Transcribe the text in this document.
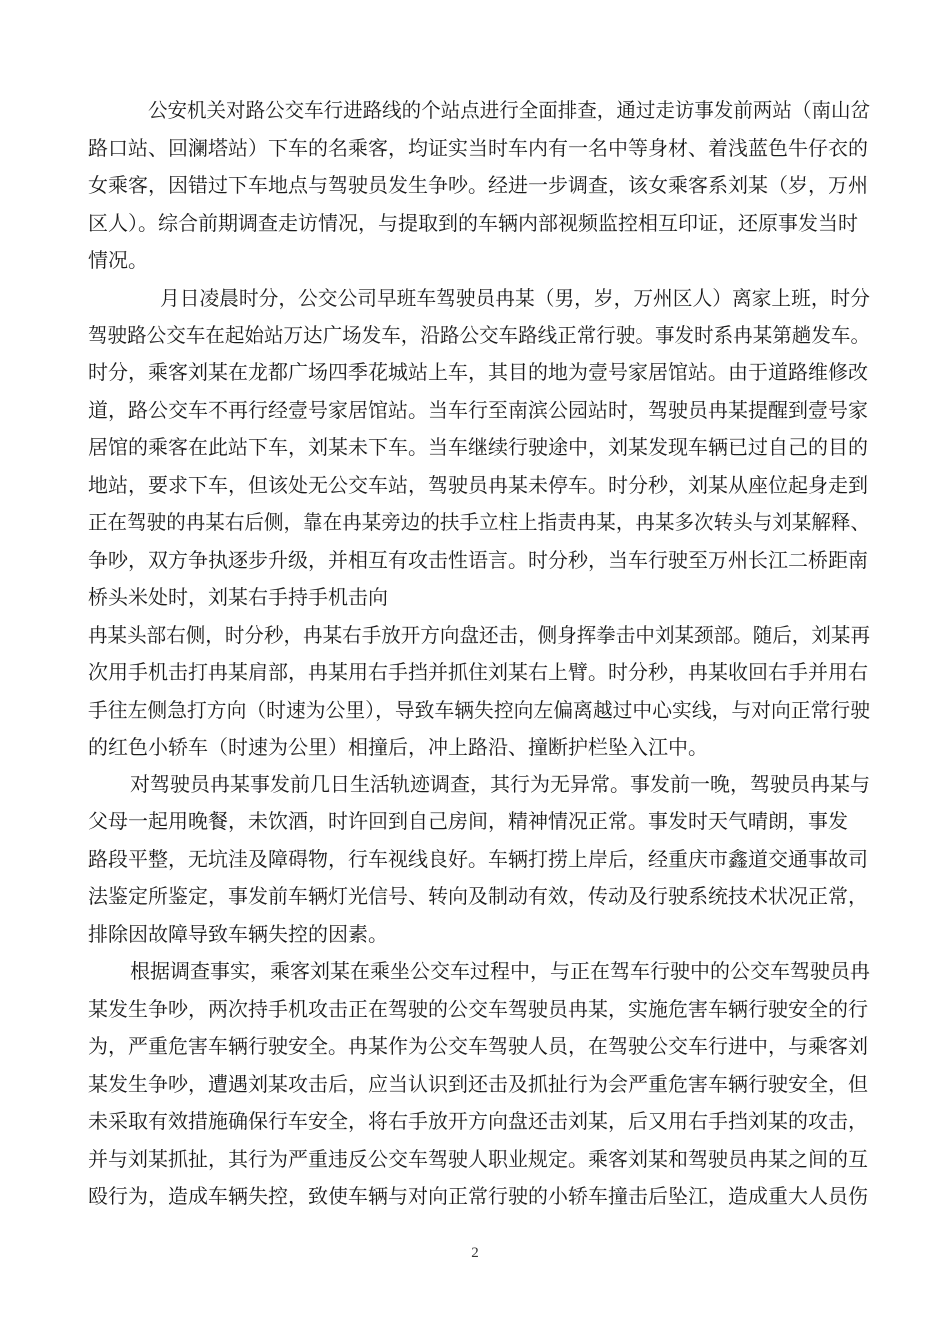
公安机关对路公交车行进路线的个站点进行全面排查，通过走访事发前两站（南山岔
路口站、回澜塔站）下车的名乘客，均证实当时车内有一名中等身材、着浅蓝色牛仔衣的
女乘客，因错过下车地点与驾驶员发生争吵。经进一步调查，该女乘客系刘某（岁，万州
区人）。综合前期调查走访情况，与提取到的车辆内部视频监控相互印证，还原事发当时
情况。
月日凌晨时分，公交公司早班车驾驶员冉某（男，岁，万州区人）离家上班，时分
驾驶路公交车在起始站万达广场发车，沿路公交车路线正常行驶。事发时系冉某第趟发车。
时分，乘客刘某在龙都广场四季花城站上车，其目的地为壹号家居馆站。由于道路维修改
道，路公交车不再行经壹号家居馆站。当车行至南滨公园站时，驾驶员冉某提醒到壹号家
居馆的乘客在此站下车，刘某未下车。当车继续行驶途中，刘某发现车辆已过自己的目的
地站，要求下车，但该处无公交车站，驾驶员冉某未停车。时分秒，刘某从座位起身走到
正在驾驶的冉某右后侧，靠在冉某旁边的扶手立柱上指责冉某，冉某多次转头与刘某解释、
争吵，双方争执逐步升级，并相互有攻击性语言。时分秒，当车行驶至万州长江二桥距南
桥头米处时，刘某右手持手机击向
冉某头部右侧，时分秒，冉某右手放开方向盘还击，侧身挥拳击中刘某颈部。随后，刘某再
次用手机击打冉某肩部，冉某用右手挡并抓住刘某右上臂。时分秒，冉某收回右手并用右
手往左侧急打方向（时速为公里），导致车辆失控向左偏离越过中心实线，与对向正常行驶
的红色小轿车（时速为公里）相撞后，冲上路沿、撞断护栏坠入江中。
对驾驶员冉某事发前几日生活轨迹调查，其行为无异常。事发前一晚，驾驶员冉某与
父母一起用晚餐，未饮酒，时许回到自己房间，精神情况正常。事发时天气晴朗，事发
路段平整，无坑洼及障碍物，行车视线良好。车辆打捞上岸后，经重庆市鑫道交通事故司
法鉴定所鉴定，事发前车辆灯光信号、转向及制动有效，传动及行驶系统技术状况正常，
排除因故障导致车辆失控的因素。
根据调查事实，乘客刘某在乘坐公交车过程中，与正在驾车行驶中的公交车驾驶员冉
某发生争吵，两次持手机攻击正在驾驶的公交车驾驶员冉某，实施危害车辆行驶安全的行
为，严重危害车辆行驶安全。冉某作为公交车驾驶人员，在驾驶公交车行进中，与乘客刘
某发生争吵，遭遇刘某攻击后，应当认识到还击及抓扯行为会严重危害车辆行驶安全，但
未采取有效措施确保行车安全，将右手放开方向盘还击刘某，后又用右手挡刘某的攻击，
并与刘某抓扯，其行为严重违反公交车驾驶人职业规定。乘客刘某和驾驶员冉某之间的互
殴行为，造成车辆失控，致使车辆与对向正常行驶的小轿车撞击后坠江，造成重大人员伤
2
